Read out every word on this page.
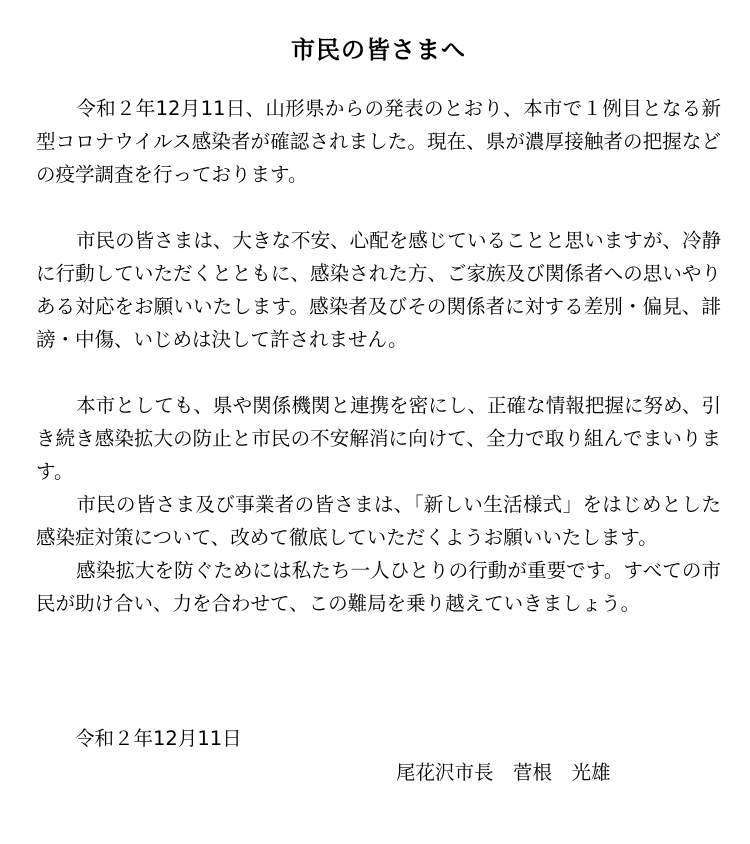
市民の皆さまへ

令和２年12月11日、山形県からの発表のとおり、本市で１例目となる新型コロナウイルス感染者が確認されました。現在、県が濃厚接触者の把握などの疫学調査を行っております。

市民の皆さまは、大きな不安、心配を感じていることと思いますが、冷静に行動していただくとともに、感染された方、ご家族及び関係者への思いやりある対応をお願いいたします。感染者及びその関係者に対する差別・偏見、誹謗・中傷、いじめは決して許されません。

本市としても、県や関係機関と連携を密にし、正確な情報把握に努め、引き続き感染拡大の防止と市民の不安解消に向けて、全力で取り組んでまいります。

市民の皆さま及び事業者の皆さまは、「新しい生活様式」をはじめとした感染症対策について、改めて徹底していただくようお願いいたします。

感染拡大を防ぐためには私たち一人ひとりの行動が重要です。すべての市民が助け合い、力を合わせて、この難局を乗り越えていきましょう。

令和２年12月11日
尾花沢市長　菅根　光雄
